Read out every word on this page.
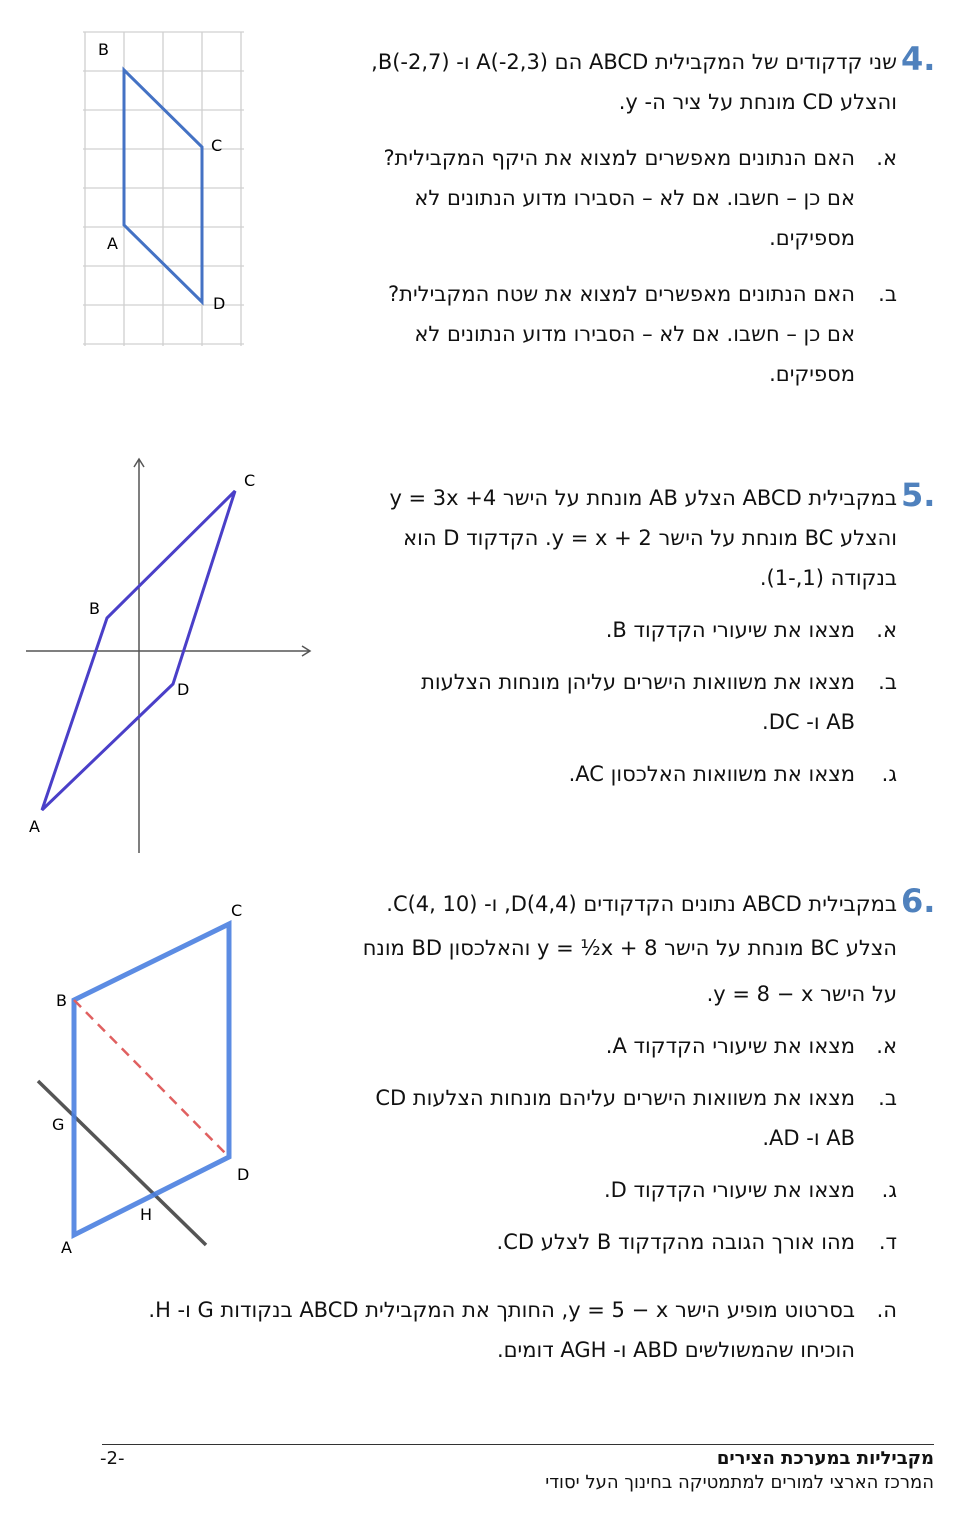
4.
שני קדקודים של המקבילית ABCD הם A(-2,3) ו- B(-2,7),
והצלע CD מונחת על ציר ה- y.
א.
האם הנתונים מאפשרים למצוא את היקף המקבילית?
אם כן – חשבו. אם לא – הסבירו מדוע הנתונים לא
מספיקים.
ב.
האם הנתונים מאפשרים למצוא את שטח המקבילית?
אם כן – חשבו. אם לא – הסבירו מדוע הנתונים לא
מספיקים.
B
C
A
D
5.
במקבילית ABCD הצלע AB מונחת על הישר y = 3x +4
והצלע BC מונחת על הישר y = x + 2. הקדקוד D הוא
בנקודה (1,-1).
א.
מצאו את שיעורי הקדקוד B.
ב.
מצאו את משוואות הישרים עליהן מונחות הצלעות
AB ו- DC.
ג.
מצאו את משוואות האלכסון AC.
C
B
D
A
6.
במקבילית ABCD נתונים הקדקודים D(4,4), ו- C(4, 10).
הצלע BC מונחת על הישר y = ½x + 8 והאלכסון BD מונח
על הישר y = 8 − x.
א.
מצאו את שיעורי הקדקוד A.
ב.
מצאו את משוואות הישרים עליהם מונחות הצלעות CD
AB ו- AD.
ג.
מצאו את שיעורי הקדקוד D.
ד.
מהו אורך הגובה מהקדקוד B לצלע CD.
ה.
בסרטוט מופיע הישר y = 5 − x, החותך את המקבילית ABCD בנקודות G ו- H.
הוכיחו שהמשולשים ABD ו- AGH דומים.
C
B
G
D
H
A
מקביליות במערכת הצירים
-2-
המרכז הארצי למורים למתמטיקה בחינוך העל יסודי
